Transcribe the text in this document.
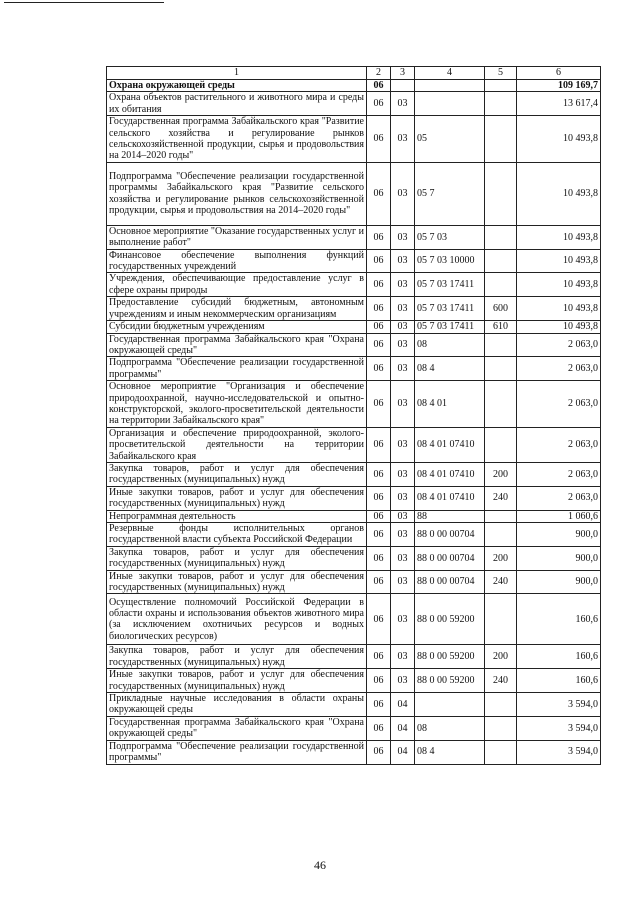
1	2	3	4	5	6
Охрана окружающей среды	06				109 169,7
Охрана объектов растительного и животного мира и среды их обитания	06	03			13 617,4
Государственная программа Забайкальского края "Развитие сельского хозяйства и регулирование рынков сельскохозяйственной продукции, сырья и продовольствия на 2014–2020 годы"	06	03	05		10 493,8
Подпрограмма "Обеспечение реализации государственной программы Забайкальского края "Развитие сельского хозяйства и регулирование рынков сельскохозяйственной продукции, сырья и продовольствия на 2014–2020 годы"	06	03	05 7		10 493,8
Основное мероприятие "Оказание государственных услуг и выполнение работ"	06	03	05 7 03		10 493,8
Финансовое обеспечение выполнения функций государственных учреждений	06	03	05 7 03 10000		10 493,8
Учреждения, обеспечивающие предоставление услуг в сфере охраны природы	06	03	05 7 03 17411		10 493,8
Предоставление субсидий бюджетным, автономным учреждениям и иным некоммерческим организациям	06	03	05 7 03 17411	600	10 493,8
Субсидии бюджетным учреждениям	06	03	05 7 03 17411	610	10 493,8
Государственная программа Забайкальского края "Охрана окружающей среды"	06	03	08		2 063,0
Подпрограмма "Обеспечение реализации государственной программы"	06	03	08 4		2 063,0
Основное мероприятие "Организация и обеспечение природоохранной, научно-исследовательской и опытно-конструкторской, эколого-просветительской деятельности на территории Забайкальского края"	06	03	08 4 01		2 063,0
Организация и обеспечение природоохранной, эколого-просветительской деятельности на территории Забайкальского края	06	03	08 4 01 07410		2 063,0
Закупка товаров, работ и услуг для обеспечения государственных (муниципальных) нужд	06	03	08 4 01 07410	200	2 063,0
Иные закупки товаров, работ и услуг для обеспечения государственных (муниципальных) нужд	06	03	08 4 01 07410	240	2 063,0
Непрограммная деятельность	06	03	88		1 060,6
Резервные фонды исполнительных органов государственной власти субъекта Российской Федерации	06	03	88 0 00 00704		900,0
Закупка товаров, работ и услуг для обеспечения государственных (муниципальных) нужд	06	03	88 0 00 00704	200	900,0
Иные закупки товаров, работ и услуг для обеспечения государственных (муниципальных) нужд	06	03	88 0 00 00704	240	900,0
Осуществление полномочий Российской Федерации в области охраны и использования объектов животного мира (за исключением охотничьих ресурсов и водных биологических ресурсов)	06	03	88 0 00 59200		160,6
Закупка товаров, работ и услуг для обеспечения государственных (муниципальных) нужд	06	03	88 0 00 59200	200	160,6
Иные закупки товаров, работ и услуг для обеспечения государственных (муниципальных) нужд	06	03	88 0 00 59200	240	160,6
Прикладные научные исследования в области охраны окружающей среды	06	04			3 594,0
Государственная программа Забайкальского края "Охрана окружающей среды"	06	04	08		3 594,0
Подпрограмма "Обеспечение реализации государственной программы"	06	04	08 4		3 594,0
46
